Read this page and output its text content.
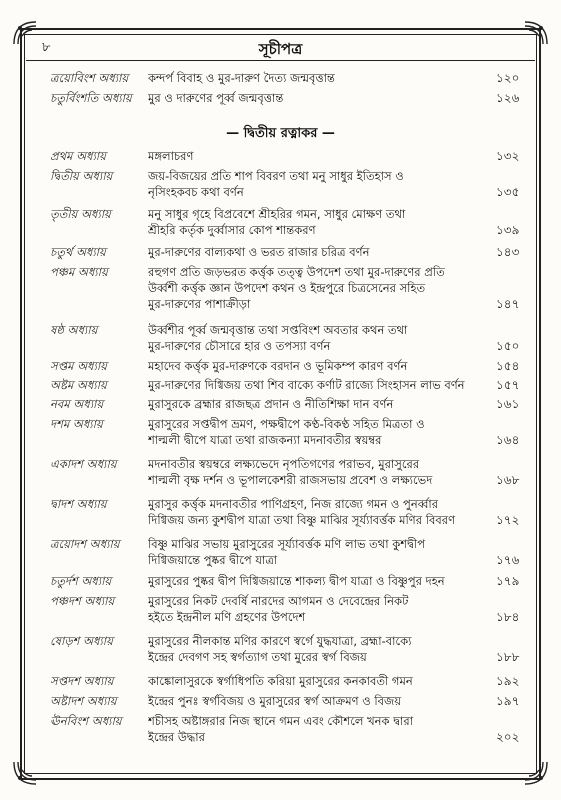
৮	সূচীপত্র
— দ্বিতীয় রত্নাকর —
ত্রয়োবিংশ অধ্যায়	কন্দর্প বিবাহ ও মুর-দারুণ দৈত্য জন্মবৃত্তান্ত	১২০
চতুর্বিংশতি অধ্যায়	মুর ও দারুণের পূর্ব্ব জন্মবৃত্তান্ত	১২৬
প্রথম অধ্যায়	মঙ্গলাচরণ	১৩২
দ্বিতীয় অধ্যায়	জয়-বিজয়ের প্রতি শাপ বিবরণ তথা মনু সাধুর ইতিহাস ও
নৃসিংহকবচ কথা বর্ণন	১৩৫
তৃতীয় অধ্যায়	মনু সাধুর গৃহে বিপ্রবেশে শ্রীহরির গমন, সাধুর মোক্ষণ তথা
শ্রীহরি কর্তৃক দুর্ব্বাসার কোপ শান্তকরণ	১৩৯
চতুর্থ অধ্যায়	মুর-দারুণের বাল্যকথা ও ভরত রাজার চরিত্র বর্ণন	১৪৩
পঞ্চম অধ্যায়	রহুগণ প্রতি জড়ভরত কর্ত্তৃক তত্ত্ব উপদেশ তথা মুর-দারুণের প্রতি
উর্ব্বশী কর্ত্তৃক জ্ঞান উপদেশ কথন ও ইন্দ্রপুরে চিত্রসেনের সহিত
মুর-দারুণের পাশাক্রীড়া	১৪৭
ষষ্ঠ অধ্যায়	উর্ব্বশীর পূর্ব্ব জন্মবৃত্তান্ত তথা সপ্তবিংশ অবতার কথন তথা
মুর-দারুণের চৌসারে হার ও তপস্যা বর্ণন	১৫০
সপ্তম অধ্যায়	মহাদেব কর্ত্তৃক মুর-দারুণকে বরদান ও ভূমিকম্প কারণ বর্ণন	১৫৪
অষ্টম অধ্যায়	মুর-দারুণের দিগ্বিজয় তথা শিব বাক্যে কর্ণাট রাজ্যে সিংহাসন লাভ বর্ণন	১৫৭
নবম অধ্যায়	মুরাসুরকে ব্রহ্মার রাজছত্র প্রদান ও নীতিশিক্ষা দান বর্ণন	১৬১
দশম অধ্যায়	মুরাসুরের সপ্তদ্বীপ ভ্রমণ, পক্ষদ্বীপে কণ্ঠ-বিকণ্ঠ সহিত মিত্রতা ও
শাল্মলী দ্বীপে যাত্রা তথা রাজকন্যা মদনাবতীর স্বয়ম্বর	১৬৪
একাদশ অধ্যায়	মদনাবতীর স্বয়ম্বরে লক্ষ্যভেদে নৃপতিগণের পরাভব, মুরাসুরের
শাল্মলী বৃক্ষ দর্শন ও ভূপালকেশরী রাজসভায় প্রবেশ ও লক্ষ্যভেদ	১৬৮
দ্বাদশ অধ্যায়	মুরাসুর কর্ত্তৃক মদনাবতীর পাণিগ্রহণ, নিজ রাজ্যে গমন ও পুনর্ব্বার
দিগ্বিজয় জন্য কুশদ্বীপ যাত্রা তথা বিষ্ণু মাঝির সূর্য্যাবর্ত্তক মণির বিবরণ	১৭২
ত্রয়োদশ অধ্যায়	বিষ্ণু মাঝির সভায় মুরাসুরের সূর্য্যাবর্ত্তক মণি লাভ তথা কুশদ্বীপ
দিগ্বিজয়ান্তে পুষ্কর দ্বীপে যাত্রা	১৭৬
চতুর্দশ অধ্যায়	মুরাসুরের পুষ্কর দ্বীপ দিগ্বিজয়ান্তে শাকল্য দ্বীপ যাত্রা ও বিষ্ণুপুর দহন	১৭৯
পঞ্চদশ অধ্যায়	মুরাসুরের নিকট দেবর্ষি নারদের আগমন ও দেবেন্দ্রের নিকট
হইতে ইন্দ্রনীল মণি গ্রহণের উপদেশ	১৮৪
ষোড়শ অধ্যায়	মুরাসুরের নীলকান্ত মণির কারণে স্বর্গে যুদ্ধযাত্রা, ব্রহ্মা-বাক্যে
ইন্দ্রের দেবগণ সহ স্বর্গত্যাগ তথা মুরের স্বর্গ বিজয়	১৮৮
সপ্তদশ অধ্যায়	কাঙ্কোলাসুরকে স্বর্গাধিপতি করিয়া মুরাসুরের কনকাবতী গমন	১৯২
অষ্টাদশ অধ্যায়	ইন্দ্রের পুনঃ স্বর্গবিজয় ও মুরাসুরের স্বর্গ আক্রমণ ও বিজয়	১৯৭
ঊনবিংশ অধ্যায়	শচীসহ অষ্টাঙ্গরার নিজ স্থানে গমন এবং কৌশলে খনক দ্বারা
ইন্দ্রের উদ্ধার	২০২
